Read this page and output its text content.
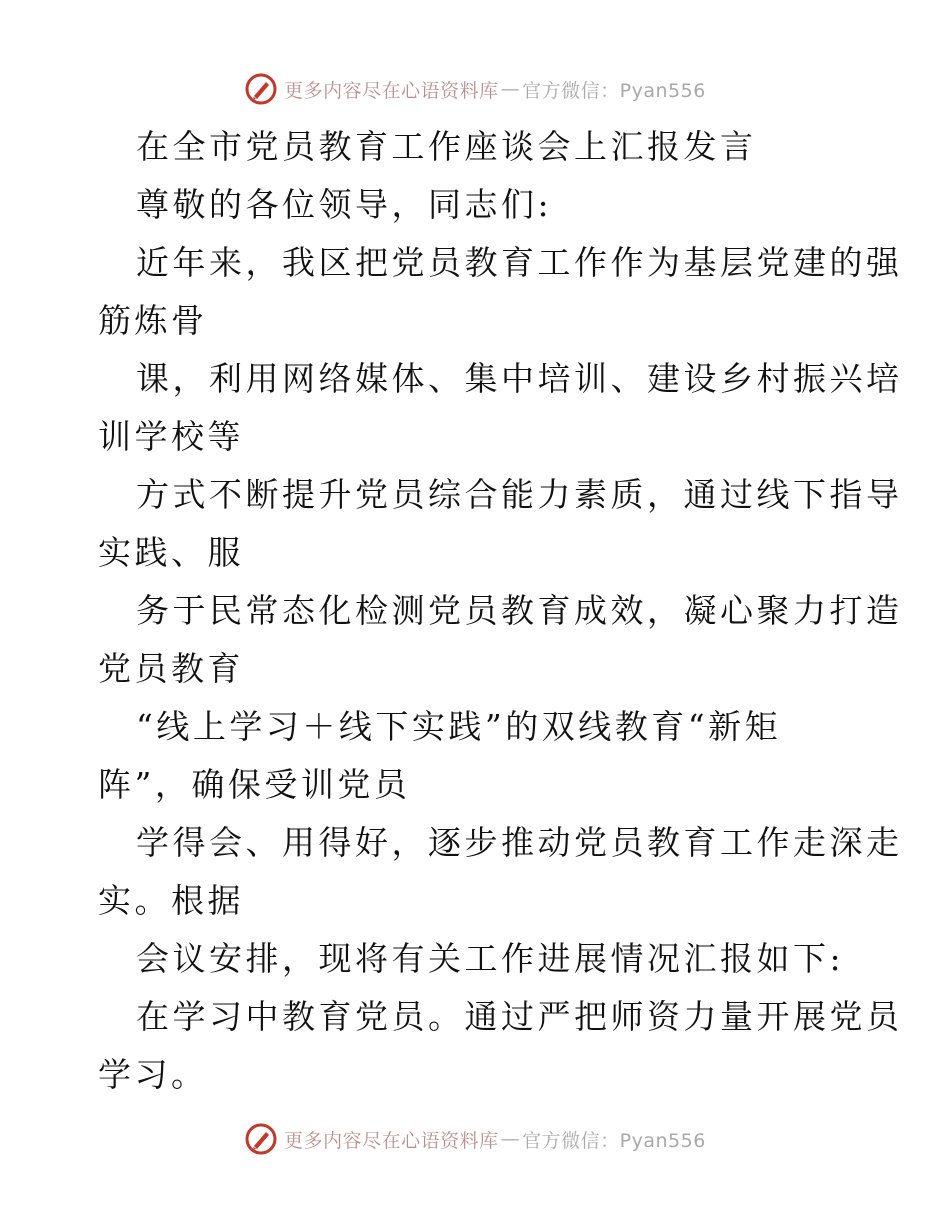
更多内容尽在心语资料库 — 官方微信：Pyan556
在全市党员教育工作座谈会上汇报发言
尊敬的各位领导，同志们:
近年来，我区把党员教育工作作为基层党建的强
筋炼骨
课，利用网络媒体、集中培训、建设乡村振兴培
训学校等
方式不断提升党员综合能力素质，通过线下指导
实践、服
务于民常态化检测党员教育成效，凝心聚力打造
党员教育
“线上学习＋线下实践”的双线教育“新矩
阵”，确保受训党员
学得会、用得好，逐步推动党员教育工作走深走
实。根据
会议安排，现将有关工作进展情况汇报如下:
在学习中教育党员。通过严把师资力量开展党员
学习。
更多内容尽在心语资料库 — 官方微信：Pyan556
